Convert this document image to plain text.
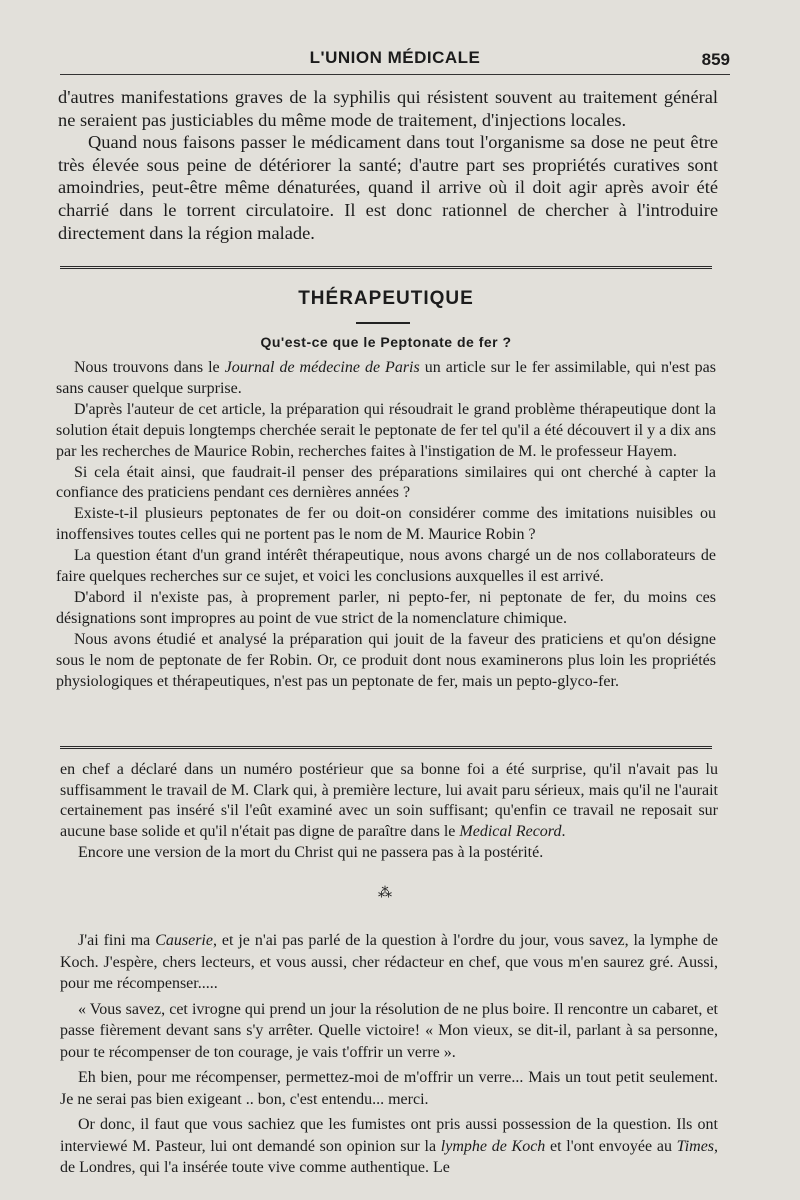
L'UNION MÉDICALE	859

d'autres manifestations graves de la syphilis qui résistent souvent au traitement général ne seraient pas justiciables du même mode de traitement, d'injections locales.

Quand nous faisons passer le médicament dans tout l'organisme sa dose ne peut être très élevée sous peine de détériorer la santé; d'autre part ses propriétés curatives sont amoindries, peut-être même dénaturées, quand il arrive où il doit agir après avoir été charrié dans le torrent circulatoire. Il est donc rationnel de chercher à l'introduire directement dans la région malade.

THÉRAPEUTIQUE
Qu'est-ce que le Peptonate de fer ?

Nous trouvons dans le Journal de médecine de Paris un article sur le fer assimilable, qui n'est pas sans causer quelque surprise.

D'après l'auteur de cet article, la préparation qui résoudrait le grand problème thérapeutique dont la solution était depuis longtemps cherchée serait le peptonate de fer tel qu'il a été découvert il y a dix ans par les recherches de Maurice Robin, recherches faites à l'instigation de M. le professeur Hayem.

Si cela était ainsi, que faudrait-il penser des préparations similaires qui ont cherché à capter la confiance des praticiens pendant ces dernières années ?

Existe-t-il plusieurs peptonates de fer ou doit-on considérer comme des imitations nuisibles ou inoffensives toutes celles qui ne portent pas le nom de M. Maurice Robin ?

La question étant d'un grand intérêt thérapeutique, nous avons chargé un de nos collaborateurs de faire quelques recherches sur ce sujet, et voici les conclusions auxquelles il est arrivé.

D'abord il n'existe pas, à proprement parler, ni pepto-fer, ni peptonate de fer, du moins ces désignations sont impropres au point de vue strict de la nomenclature chimique.

Nous avons étudié et analysé la préparation qui jouit de la faveur des praticiens et qu'on désigne sous le nom de peptonate de fer Robin. Or, ce produit dont nous examinerons plus loin les propriétés physiologiques et thérapeutiques, n'est pas un peptonate de fer, mais un pepto-glyco-fer.

en chef a déclaré dans un numéro postérieur que sa bonne foi a été surprise, qu'il n'avait pas lu suffisamment le travail de M. Clark qui, à première lecture, lui avait paru sérieux, mais qu'il ne l'aurait certainement pas inséré s'il l'eût examiné avec un soin suffisant; qu'enfin ce travail ne reposait sur aucune base solide et qu'il n'était pas digne de paraître dans le Medical Record.

Encore une version de la mort du Christ qui ne passera pas à la postérité.

⁂

J'ai fini ma Causerie, et je n'ai pas parlé de la question à l'ordre du jour, vous savez, la lymphe de Koch. J'espère, chers lecteurs, et vous aussi, cher rédacteur en chef, que vous m'en saurez gré. Aussi, pour me récompenser.....

« Vous savez, cet ivrogne qui prend un jour la résolution de ne plus boire. Il rencontre un cabaret, et passe fièrement devant sans s'y arrêter. Quelle victoire! « Mon vieux, se dit-il, parlant à sa personne, pour te récompenser de ton courage, je vais t'offrir un verre ».

Eh bien, pour me récompenser, permettez-moi de m'offrir un verre... Mais un tout petit seulement. Je ne serai pas bien exigeant .. bon, c'est entendu... merci.

Or donc, il faut que vous sachiez que les fumistes ont pris aussi possession de la question. Ils ont interviewé M. Pasteur, lui ont demandé son opinion sur la lymphe de Koch et l'ont envoyée au Times, de Londres, qui l'a insérée toute vive comme authentique. Le
